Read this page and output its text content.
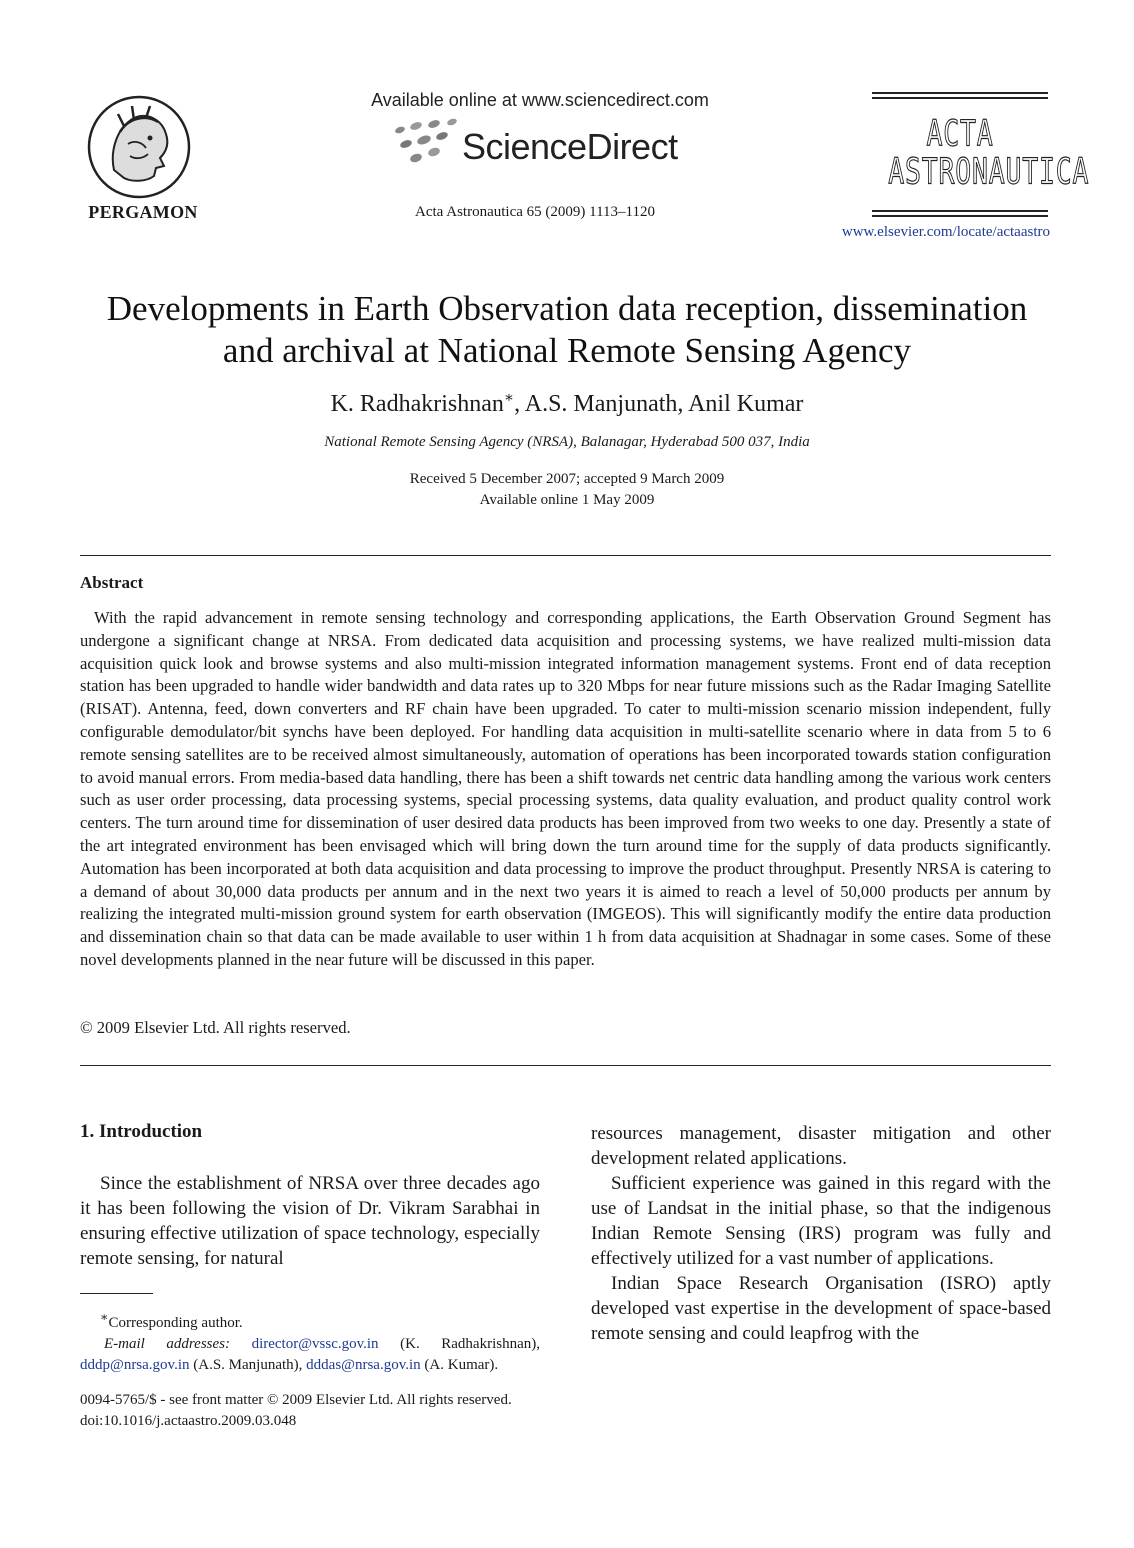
PERGAMON
Available online at www.sciencedirect.com
ScienceDirect
Acta Astronautica 65 (2009) 1113–1120
ACTA
ASTRONAUTICA
www.elsevier.com/locate/actaastro
Developments in Earth Observation data reception, dissemination
and archival at National Remote Sensing Agency
K. Radhakrishnan∗, A.S. Manjunath, Anil Kumar
National Remote Sensing Agency (NRSA), Balanagar, Hyderabad 500 037, India
Received 5 December 2007; accepted 9 March 2009
Available online 1 May 2009
Abstract
With the rapid advancement in remote sensing technology and corresponding applications, the Earth Observation Ground Segment has undergone a significant change at NRSA. From dedicated data acquisition and processing systems, we have realized multi-mission data acquisition quick look and browse systems and also multi-mission integrated information management systems. Front end of data reception station has been upgraded to handle wider bandwidth and data rates up to 320 Mbps for near future missions such as the Radar Imaging Satellite (RISAT). Antenna, feed, down converters and RF chain have been upgraded. To cater to multi-mission scenario mission independent, fully configurable demodulator/bit synchs have been deployed. For handling data acquisition in multi-satellite scenario where in data from 5 to 6 remote sensing satellites are to be received almost simultaneously, automation of operations has been incorporated towards station configuration to avoid manual errors. From media-based data handling, there has been a shift towards net centric data handling among the various work centers such as user order processing, data processing systems, special processing systems, data quality evaluation, and product quality control work centers. The turn around time for dissemination of user desired data products has been improved from two weeks to one day. Presently a state of the art integrated environment has been envisaged which will bring down the turn around time for the supply of data products significantly. Automation has been incorporated at both data acquisition and data processing to improve the product throughput. Presently NRSA is catering to a demand of about 30,000 data products per annum and in the next two years it is aimed to reach a level of 50,000 products per annum by realizing the integrated multi-mission ground system for earth observation (IMGEOS). This will significantly modify the entire data production and dissemination chain so that data can be made available to user within 1 h from data acquisition at Shadnagar in some cases. Some of these novel developments planned in the near future will be discussed in this paper.
© 2009 Elsevier Ltd. All rights reserved.
1. Introduction

Since the establishment of NRSA over three decades ago it has been following the vision of Dr. Vikram Sarabhai in ensuring effective utilization of space technology, especially remote sensing, for natural

∗Corresponding author.

E-mail addresses: director@vssc.gov.in (K. Radhakrishnan), dddp@nrsa.gov.in (A.S. Manjunath), dddas@nrsa.gov.in (A. Kumar).

0094-5765/$ - see front matter © 2009 Elsevier Ltd. All rights reserved.
doi:10.1016/j.actaastro.2009.03.048

resources management, disaster mitigation and other development related applications.

Sufficient experience was gained in this regard with the use of Landsat in the initial phase, so that the indigenous Indian Remote Sensing (IRS) program was fully and effectively utilized for a vast number of applications.

Indian Space Research Organisation (ISRO) aptly developed vast expertise in the development of space-based remote sensing and could leapfrog with the
